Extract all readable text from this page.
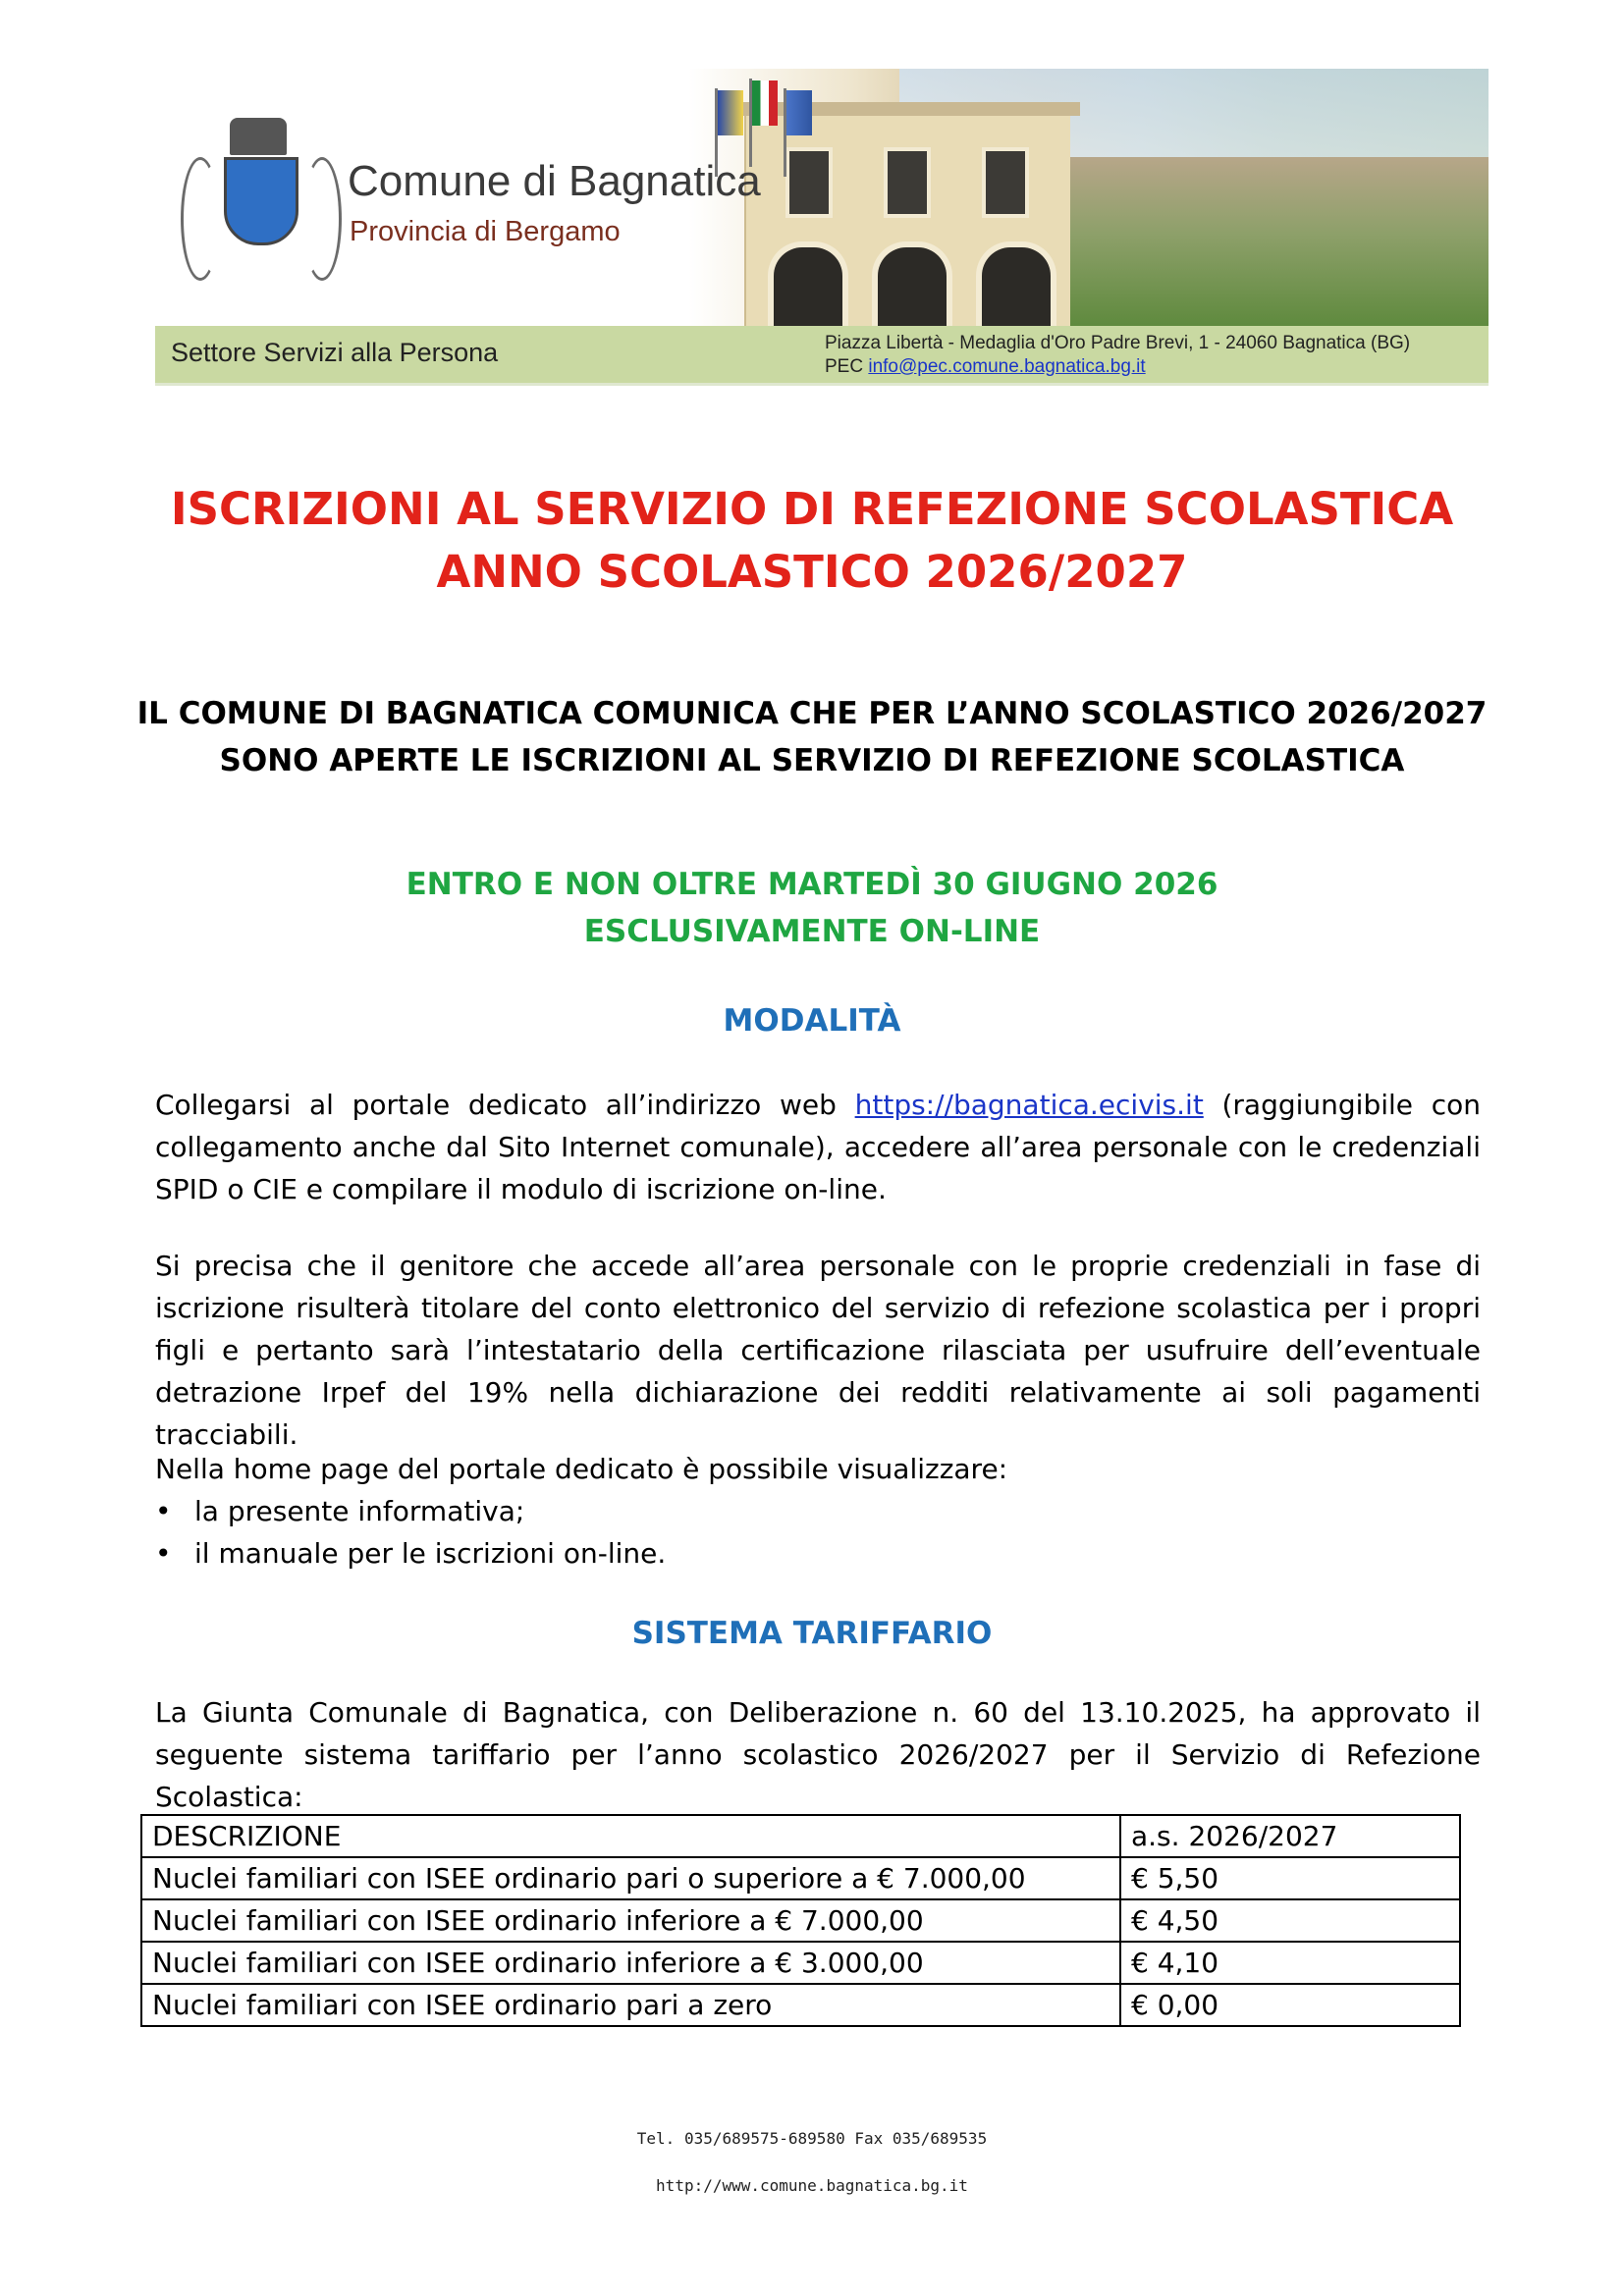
Comune di Bagnatica
Provincia di Bergamo
Settore Servizi alla Persona	Piazza Libertà - Medaglia d'Oro Padre Brevi, 1 - 24060 Bagnatica (BG)
PEC info@pec.comune.bagnatica.bg.it
ISCRIZIONI AL SERVIZIO DI REFEZIONE SCOLASTICA
ANNO SCOLASTICO 2026/2027
IL COMUNE DI BAGNATICA COMUNICA CHE PER L’ANNO SCOLASTICO 2026/2027
SONO APERTE LE ISCRIZIONI AL SERVIZIO DI REFEZIONE SCOLASTICA
ENTRO E NON OLTRE MARTEDÌ 30 GIUGNO 2026
ESCLUSIVAMENTE ON-LINE
MODALITÀ
Collegarsi al portale dedicato all’indirizzo web https://bagnatica.ecivis.it (raggiungibile con collegamento anche dal Sito Internet comunale), accedere all’area personale con le credenziali SPID o CIE e compilare il modulo di iscrizione on-line.
Si precisa che il genitore che accede all’area personale con le proprie credenziali in fase di iscrizione risulterà titolare del conto elettronico del servizio di refezione scolastica per i propri figli e pertanto sarà l’intestatario della certificazione rilasciata per usufruire dell’eventuale detrazione Irpef del 19% nella dichiarazione dei redditi relativamente ai soli pagamenti tracciabili.
Nella home page del portale dedicato è possibile visualizzare:
• la presente informativa;
• il manuale per le iscrizioni on-line.
SISTEMA TARIFFARIO
La Giunta Comunale di Bagnatica, con Deliberazione n. 60 del 13.10.2025, ha approvato il seguente sistema tariffario per l’anno scolastico 2026/2027 per il Servizio di Refezione Scolastica:
DESCRIZIONE	a.s. 2026/2027
Nuclei familiari con ISEE ordinario pari o superiore a € 7.000,00	€ 5,50
Nuclei familiari con ISEE ordinario inferiore a € 7.000,00	€ 4,50
Nuclei familiari con ISEE ordinario inferiore a € 3.000,00	€ 4,10
Nuclei familiari con ISEE ordinario pari a zero	€ 0,00
Tel. 035/689575-689580 Fax 035/689535
http://www.comune.bagnatica.bg.it
